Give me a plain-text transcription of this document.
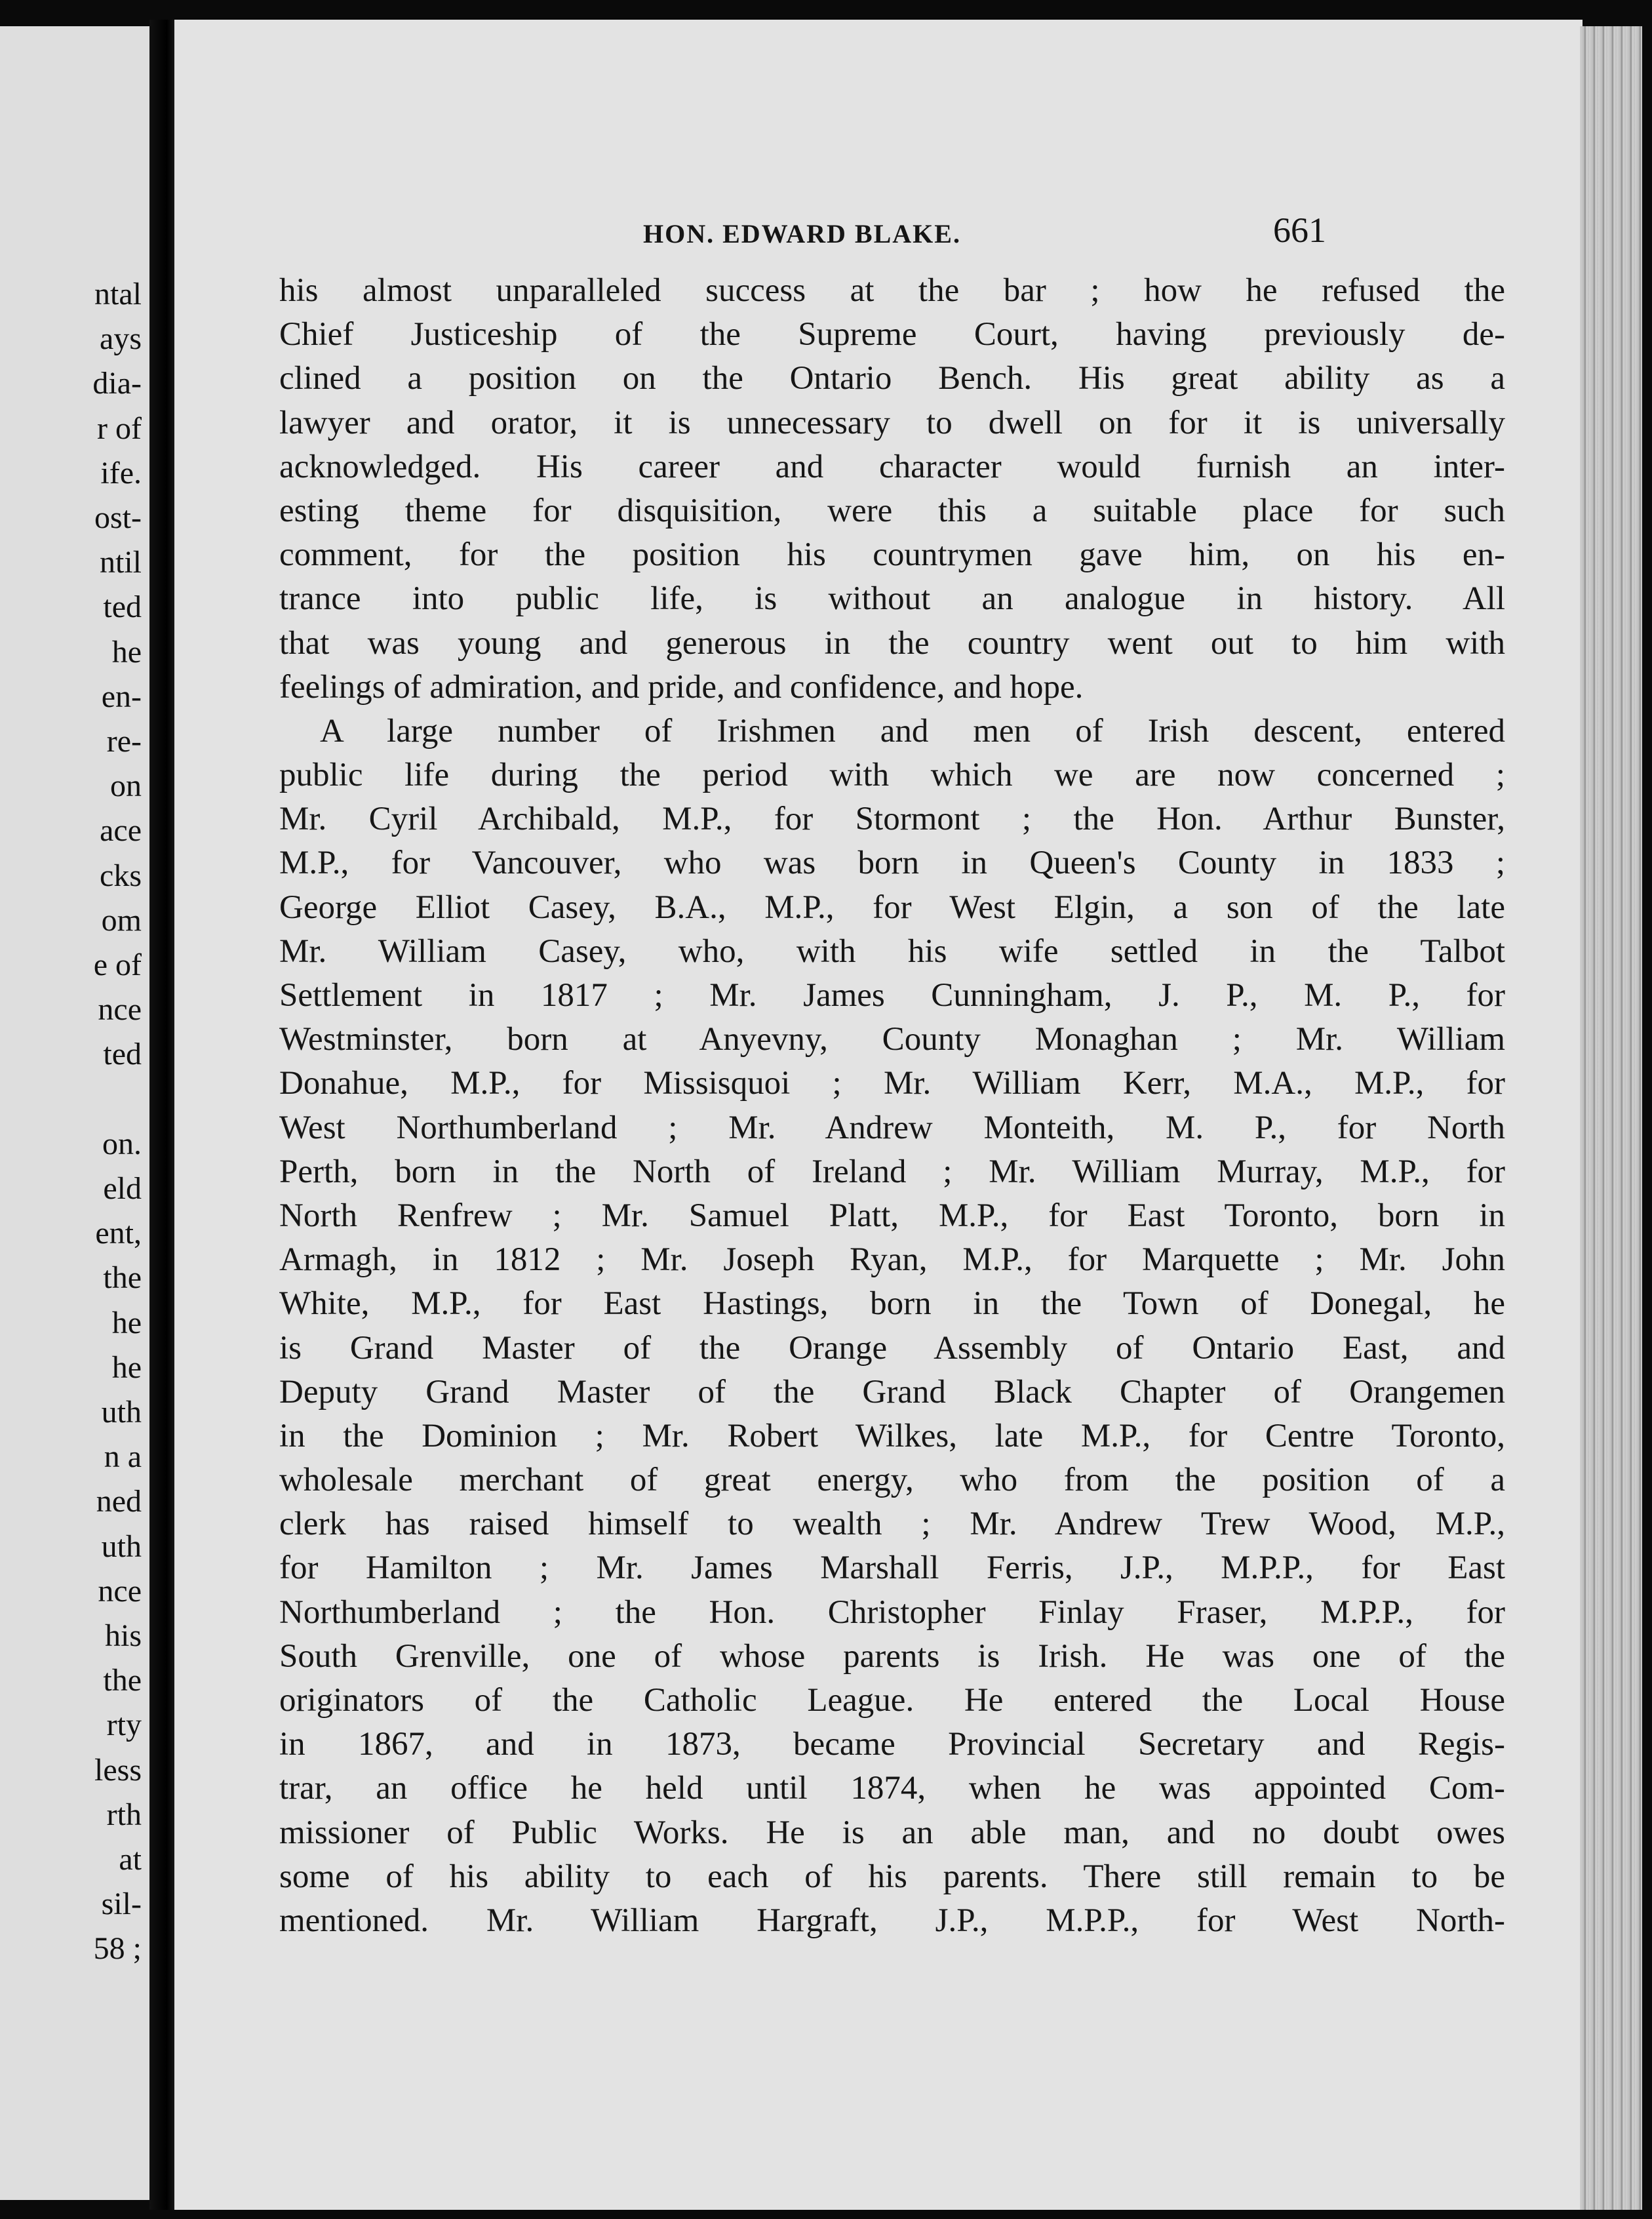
ntal
ays
dia-
r of
ife.
ost-
ntil
ted
he
en-
re-
on
ace
cks
om
e of
nce
ted
on.
eld
ent,
the
he
he
uth
n a
ned
uth
nce
his
the
rty
less
rth
at
sil-
58 ;
HON. EDWARD BLAKE.	661
his almost unparalleled success at the bar ; how he refused the
Chief Justiceship of the Supreme Court, having previously de-
clined a position on the Ontario Bench. His great ability as a
lawyer and orator, it is unnecessary to dwell on for it is universally
acknowledged. His career and character would furnish an inter-
esting theme for disquisition, were this a suitable place for such
comment, for the position his countrymen gave him, on his en-
trance into public life, is without an analogue in history. All
that was young and generous in the country went out to him with
feelings of admiration, and pride, and confidence, and hope.
A large number of Irishmen and men of Irish descent, entered
public life during the period with which we are now concerned ;
Mr. Cyril Archibald, M.P., for Stormont ; the Hon. Arthur Bunster,
M.P., for Vancouver, who was born in Queen's County in 1833 ;
George Elliot Casey, B.A., M.P., for West Elgin, a son of the late
Mr. William Casey, who, with his wife settled in the Talbot
Settlement in 1817 ; Mr. James Cunningham, J. P., M. P., for
Westminster, born at Anyevny, County Monaghan ; Mr. William
Donahue, M.P., for Missisquoi ; Mr. William Kerr, M.A., M.P., for
West Northumberland ; Mr. Andrew Monteith, M. P., for North
Perth, born in the North of Ireland ; Mr. William Murray, M.P., for
North Renfrew ; Mr. Samuel Platt, M.P., for East Toronto, born in
Armagh, in 1812 ; Mr. Joseph Ryan, M.P., for Marquette ; Mr. John
White, M.P., for East Hastings, born in the Town of Donegal, he
is Grand Master of the Orange Assembly of Ontario East, and
Deputy Grand Master of the Grand Black Chapter of Orangemen
in the Dominion ; Mr. Robert Wilkes, late M.P., for Centre Toronto,
wholesale merchant of great energy, who from the position of a
clerk has raised himself to wealth ; Mr. Andrew Trew Wood, M.P.,
for Hamilton ; Mr. James Marshall Ferris, J.P., M.P.P., for East
Northumberland ; the Hon. Christopher Finlay Fraser, M.P.P., for
South Grenville, one of whose parents is Irish. He was one of the
originators of the Catholic League. He entered the Local House
in 1867, and in 1873, became Provincial Secretary and Regis-
trar, an office he held until 1874, when he was appointed Com-
missioner of Public Works. He is an able man, and no doubt owes
some of his ability to each of his parents. There still remain to be
mentioned. Mr. William Hargraft, J.P., M.P.P., for West North-
